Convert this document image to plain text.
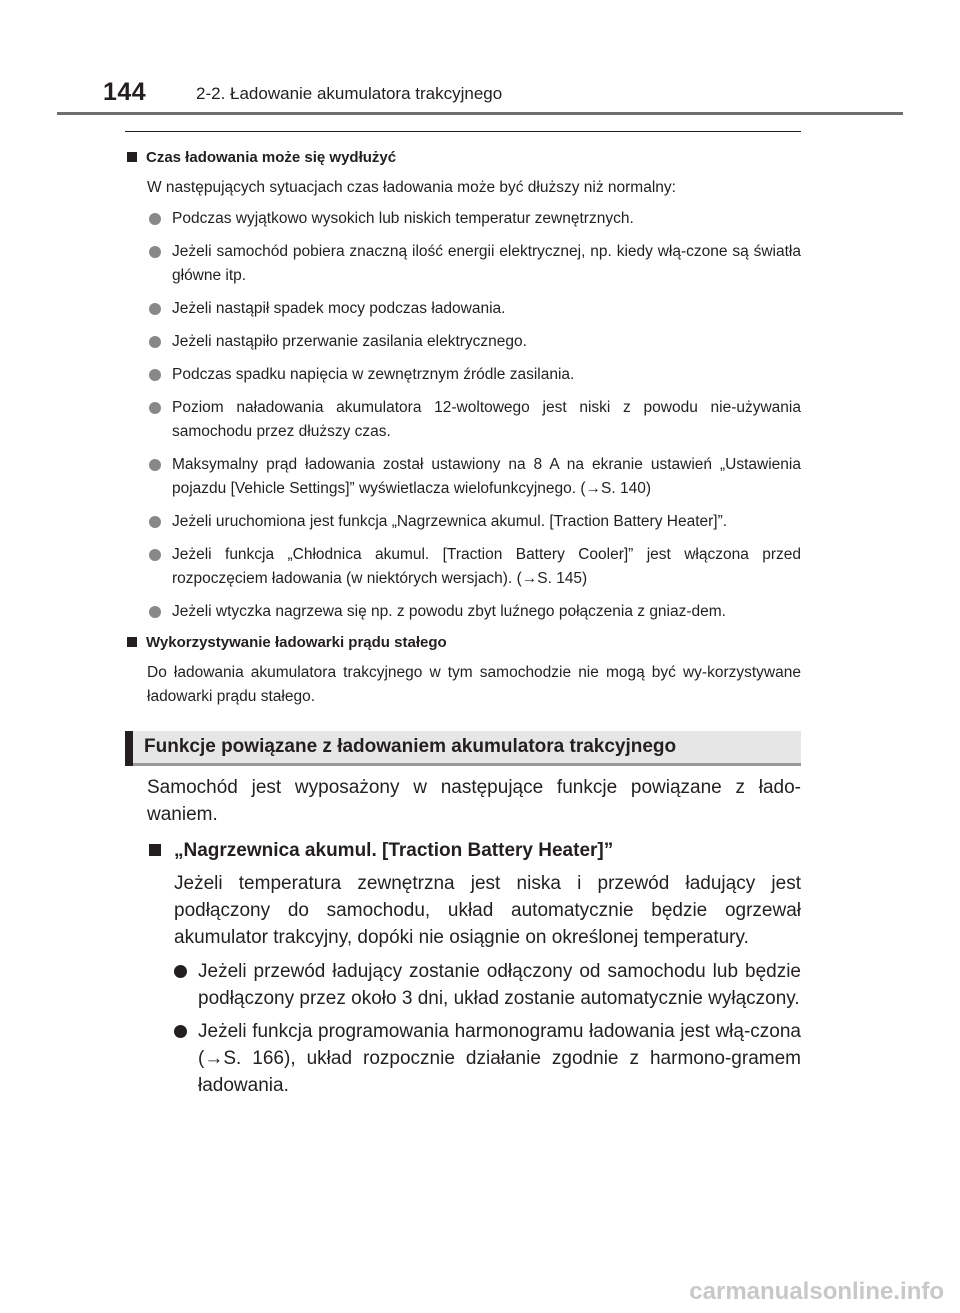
144	2-2. Ładowanie akumulatora trakcyjnego
Czas ładowania może się wydłużyć
W następujących sytuacjach czas ładowania może być dłuższy niż normalny:
Podczas wyjątkowo wysokich lub niskich temperatur zewnętrznych.
Jeżeli samochód pobiera znaczną ilość energii elektrycznej, np. kiedy włą-czone są światła główne itp.
Jeżeli nastąpił spadek mocy podczas ładowania.
Jeżeli nastąpiło przerwanie zasilania elektrycznego.
Podczas spadku napięcia w zewnętrznym źródle zasilania.
Poziom naładowania akumulatora 12-woltowego jest niski z powodu nie-używania samochodu przez dłuższy czas.
Maksymalny prąd ładowania został ustawiony na 8 A na ekranie ustawień „Ustawienia pojazdu [Vehicle Settings]” wyświetlacza wielofunkcyjnego. (→S. 140)
Jeżeli uruchomiona jest funkcja „Nagrzewnica akumul. [Traction Battery Heater]”.
Jeżeli funkcja „Chłodnica akumul. [Traction Battery Cooler]” jest włączona przed rozpoczęciem ładowania (w niektórych wersjach). (→S. 145)
Jeżeli wtyczka nagrzewa się np. z powodu zbyt luźnego połączenia z gniaz-dem.
Wykorzystywanie ładowarki prądu stałego
Do ładowania akumulatora trakcyjnego w tym samochodzie nie mogą być wy-korzystywane ładowarki prądu stałego.
Funkcje powiązane z ładowaniem akumulatora trakcyjnego
Samochód jest wyposażony w następujące funkcje powiązane z łado-waniem.
„Nagrzewnica akumul. [Traction Battery Heater]”
Jeżeli temperatura zewnętrzna jest niska i przewód ładujący jest podłączony do samochodu, układ automatycznie będzie ogrzewał akumulator trakcyjny, dopóki nie osiągnie on określonej temperatury.
Jeżeli przewód ładujący zostanie odłączony od samochodu lub będzie podłączony przez około 3 dni, układ zostanie automatycznie wyłączony.
Jeżeli funkcja programowania harmonogramu ładowania jest włą-czona (→S. 166), układ rozpocznie działanie zgodnie z harmono-gramem ładowania.
carmanualsonline.info
